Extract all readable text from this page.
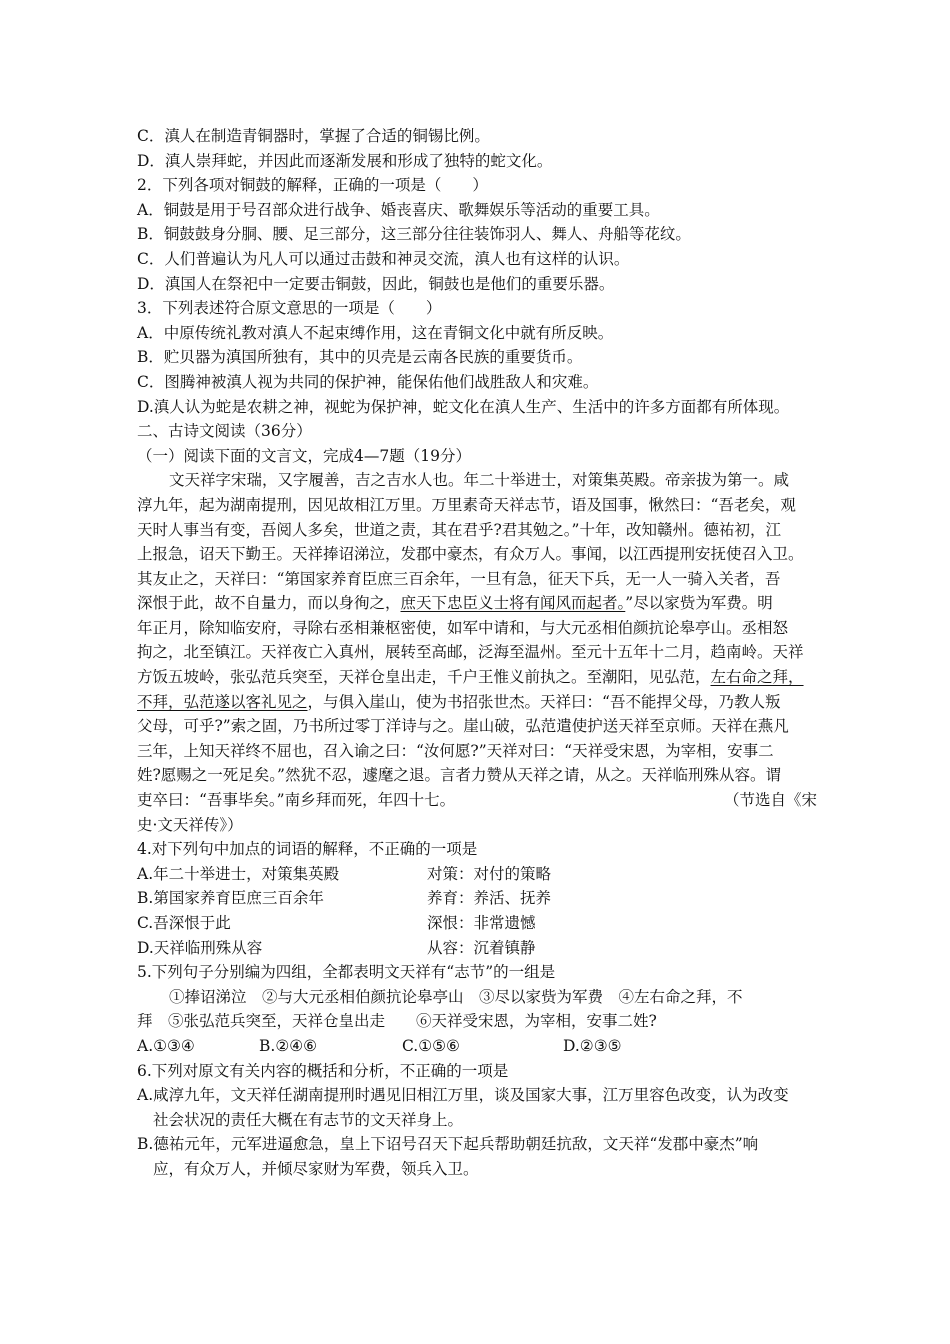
C．滇人在制造青铜器时，掌握了合适的铜锡比例。
D．滇人崇拜蛇，并因此而逐渐发展和形成了独特的蛇文化。
2．下列各项对铜鼓的解释，正确的一项是（　　）
A．铜鼓是用于号召部众进行战争、婚丧喜庆、歌舞娱乐等活动的重要工具。
B．铜鼓鼓身分胴、腰、足三部分，这三部分往往装饰羽人、舞人、舟船等花纹。
C．人们普遍认为凡人可以通过击鼓和神灵交流，滇人也有这样的认识。
D．滇国人在祭祀中一定要击铜鼓，因此，铜鼓也是他们的重要乐器。
3．下列表述符合原文意思的一项是（　　）
A．中原传统礼教对滇人不起束缚作用，这在青铜文化中就有所反映。
B．贮贝器为滇国所独有，其中的贝壳是云南各民族的重要货币。
C．图腾神被滇人视为共同的保护神，能保佑他们战胜敌人和灾难。
D.滇人认为蛇是农耕之神，视蛇为保护神，蛇文化在滇人生产、生活中的许多方面都有所体现。
二、古诗文阅读（36分）
（一）阅读下面的文言文，完成4—7题（19分）
文天祥字宋瑞，又字履善，吉之吉水人也。年二十举进士，对策集英殿。帝亲拔为第一。咸
淳九年，起为湖南提刑，因见故相江万里。万里素奇天祥志节，语及国事，愀然曰：“吾老矣，观
天时人事当有变，吾阅人多矣，世道之责，其在君乎?君其勉之。”十年，改知赣州。德祐初，江
上报急，诏天下勤王。天祥捧诏涕泣，发郡中豪杰，有众万人。事闻，以江西提刑安抚使召入卫。
其友止之，天祥曰：“第国家养育臣庶三百余年，一旦有急，征天下兵，无一人一骑入关者，吾
深恨于此，故不自量力，而以身徇之，庶天下忠臣义士将有闻风而起者。”尽以家赀为军费。明
年正月，除知临安府，寻除右丞相兼枢密使，如军中请和，与大元丞相伯颜抗论皋亭山。丞相怒
拘之，北至镇江。天祥夜亡入真州，展转至高邮，泛海至温州。至元十五年十二月，趋南岭。天祥
方饭五坡岭，张弘范兵突至，天祥仓皇出走，千户王惟义前执之。至潮阳，见弘范，左右命之拜，
不拜，弘范遂以客礼见之，与俱入崖山，使为书招张世杰。天祥曰：“吾不能捍父母，乃教人叛
父母，可乎?”索之固，乃书所过零丁洋诗与之。崖山破，弘范遣使护送天祥至京师。天祥在燕凡
三年，上知天祥终不屈也，召入谕之曰：“汝何愿?”天祥对曰：“天祥受宋恩，为宰相，安事二
姓?愿赐之一死足矣。”然犹不忍，遽麾之退。言者力赞从天祥之请，从之。天祥临刑殊从容。谓
吏卒曰：“吾事毕矣。”南乡拜而死，年四十七。	（节选自《宋
史·文天祥传》）
4.对下列句中加点的词语的解释，不正确的一项是
A.年二十举进士，对策集英殿	对策：对付的策略
B.第国家养育臣庶三百余年	养育：养活、抚养
C.吾深恨于此	深恨：非常遗憾
D.天祥临刑殊从容	从容：沉着镇静
5.下列句子分别编为四组，全都表明文天祥有“志节”的一组是
①捧诏涕泣　②与大元丞相伯颜抗论皋亭山　③尽以家赀为军费　④左右命之拜，不
拜　⑤张弘范兵突至，天祥仓皇出走　　⑥天祥受宋恩，为宰相，安事二姓?
A.①③④	B.②④⑥	C.①⑤⑥	D.②③⑤
6.下列对原文有关内容的概括和分析，不正确的一项是
A.咸淳九年，文天祥任湖南提刑时遇见旧相江万里，谈及国家大事，江万里容色改变，认为改变
社会状况的责任大概在有志节的文天祥身上。
B.德祐元年，元军进逼愈急，皇上下诏号召天下起兵帮助朝廷抗敌，文天祥“发郡中豪杰”响
应，有众万人，并倾尽家财为军费，领兵入卫。
